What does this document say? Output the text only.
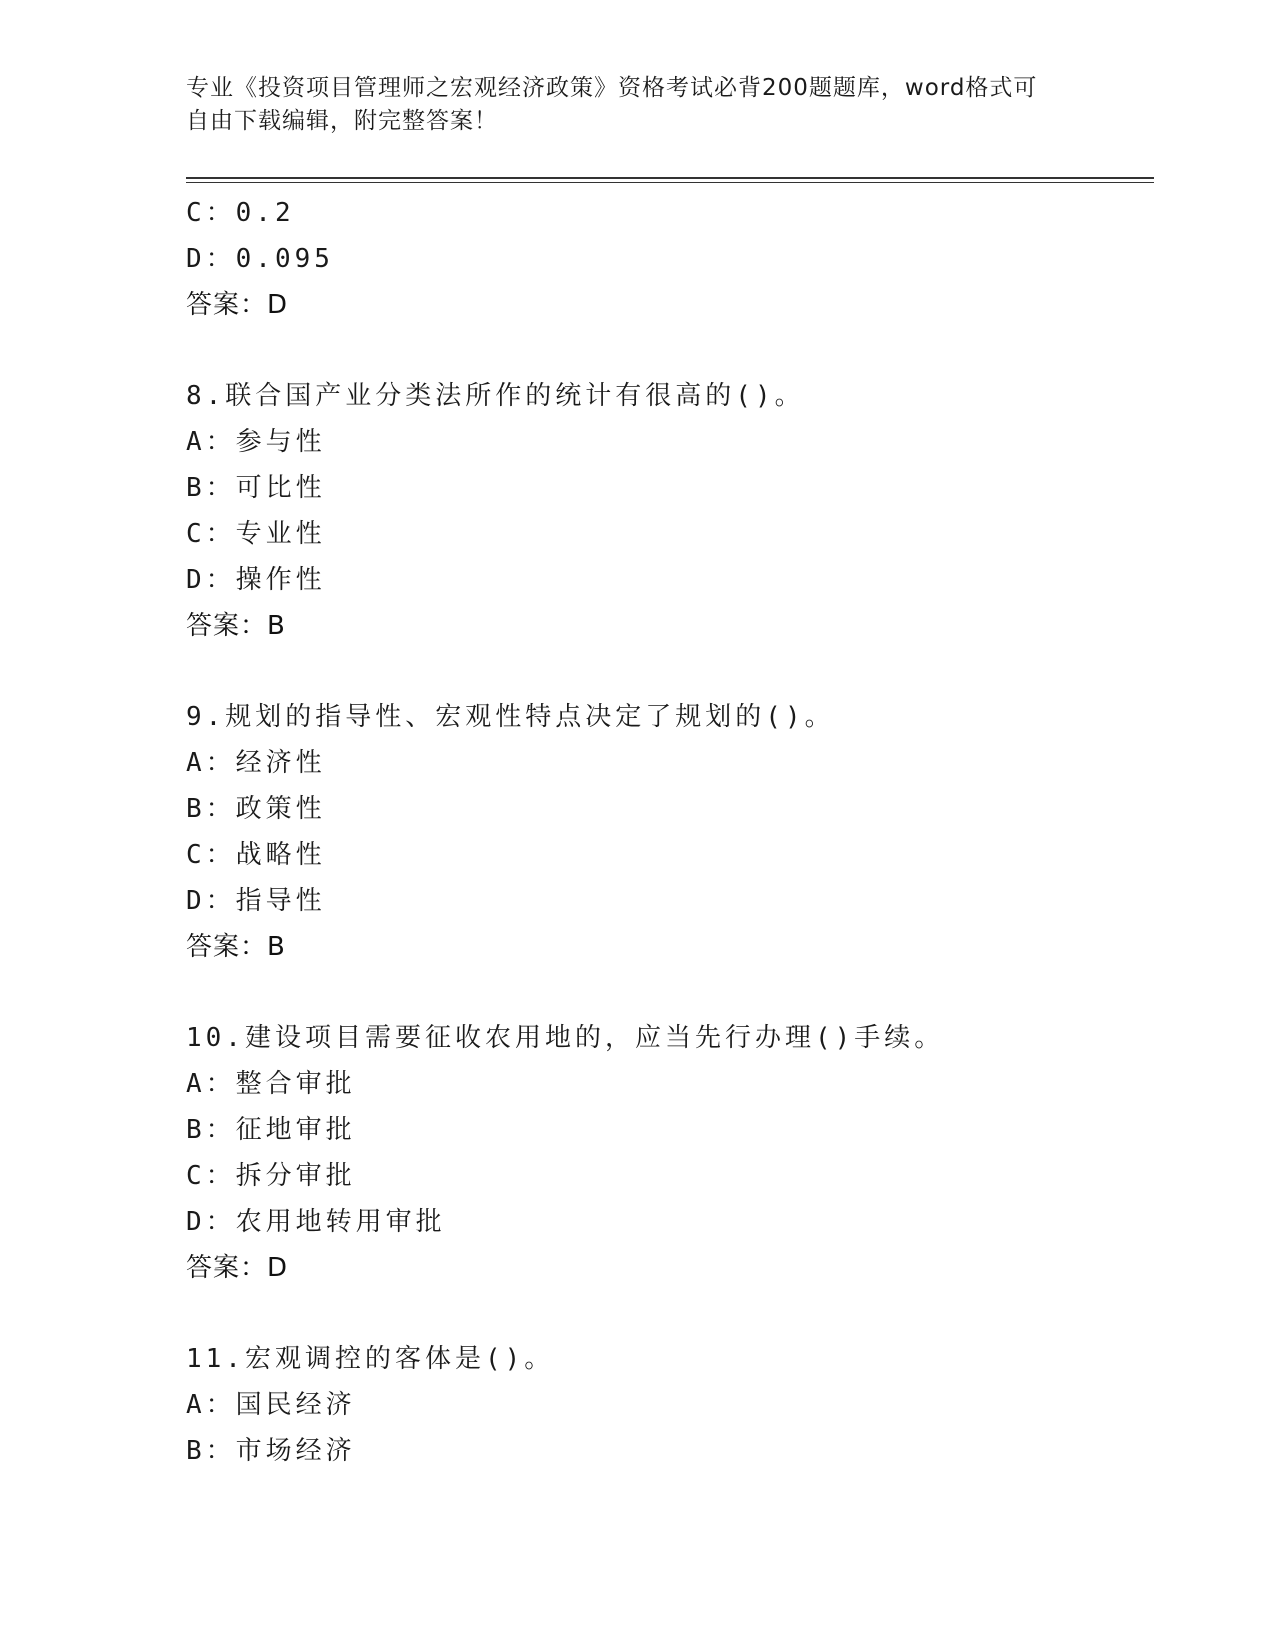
专业《投资项目管理师之宏观经济政策》资格考试必背200题题库，word格式可
自由下载编辑，附完整答案！
C：0.2
D：0.095
答案：D
8.联合国产业分类法所作的统计有很高的()。
A：参与性
B：可比性
C：专业性
D：操作性
答案：B
9.规划的指导性、宏观性特点决定了规划的()。
A：经济性
B：政策性
C：战略性
D：指导性
答案：B
10.建设项目需要征收农用地的，应当先行办理()手续。
A：整合审批
B：征地审批
C：拆分审批
D：农用地转用审批
答案：D
11.宏观调控的客体是()。
A：国民经济
B：市场经济
